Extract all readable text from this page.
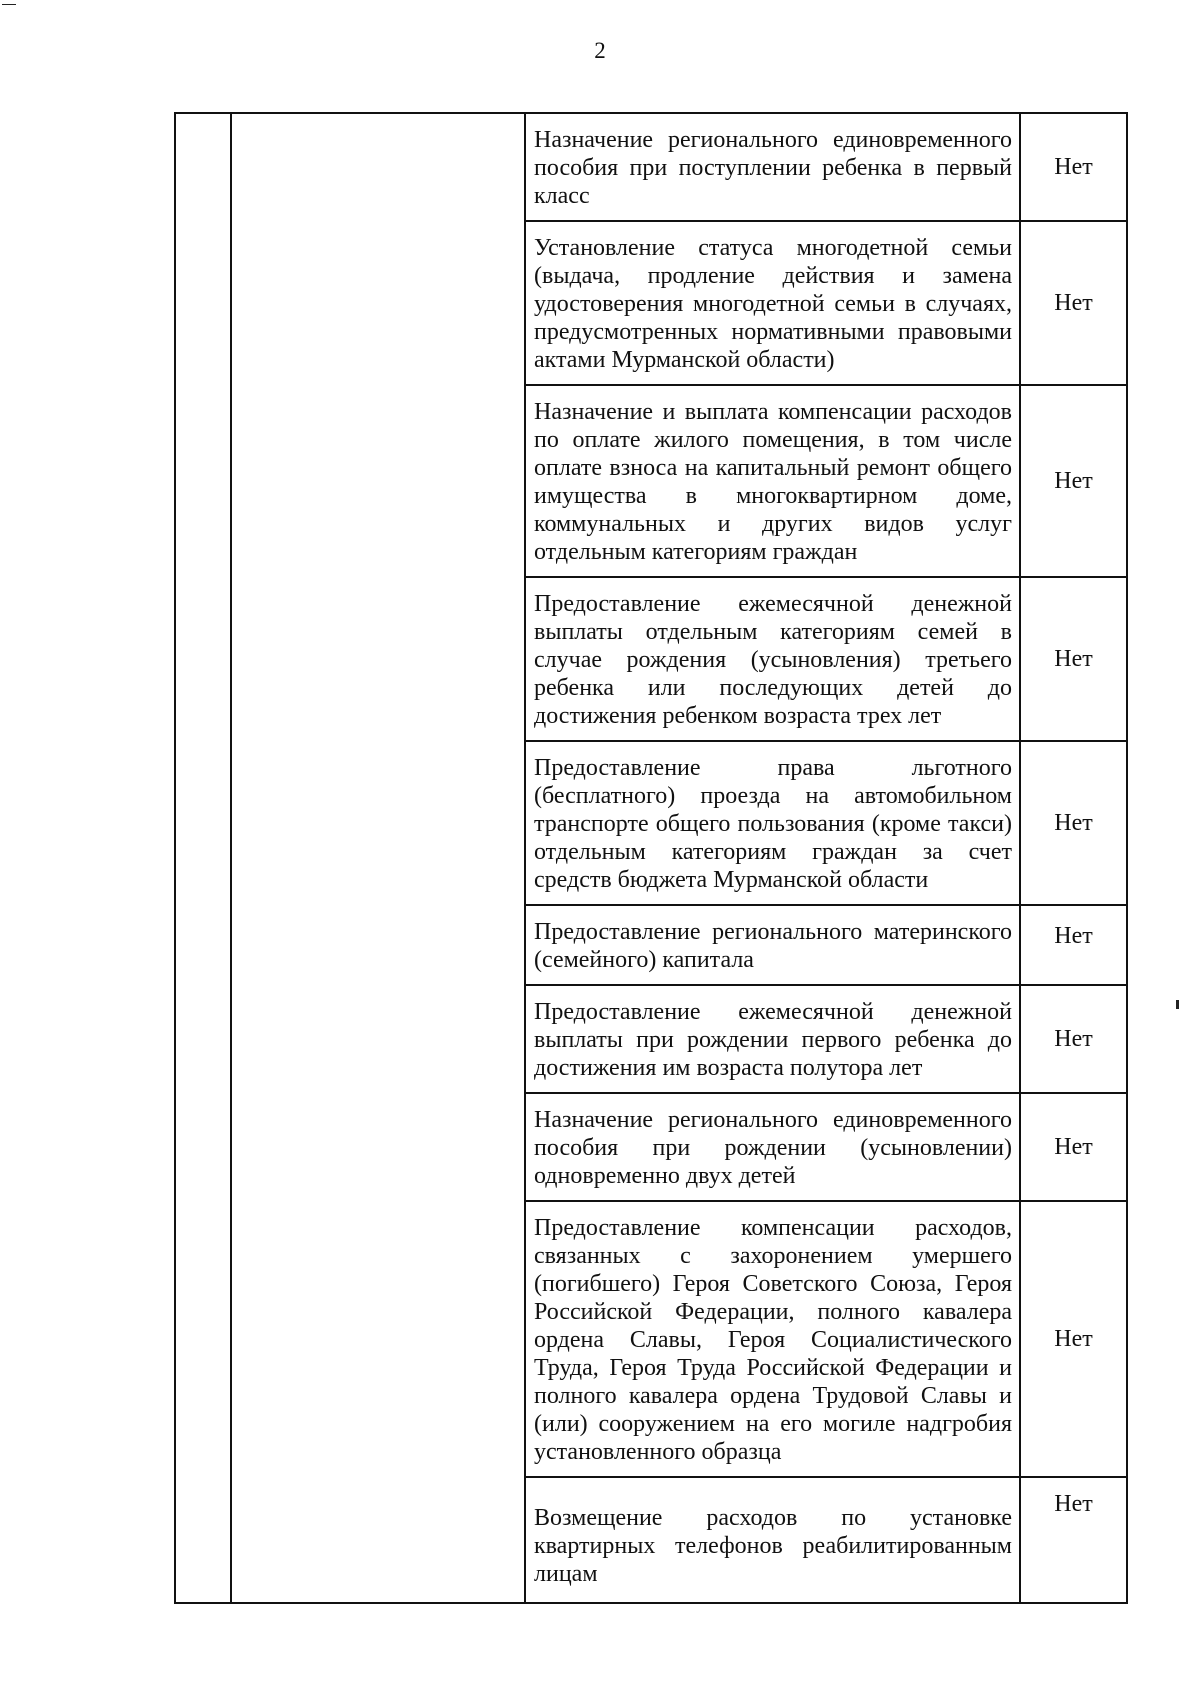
2
		Назначение регионального единовременного пособия при поступлении ребенка в первый класс	Нет
		Установление статуса многодетной семьи (выдача, продление действия и замена удостоверения многодетной семьи в случаях, предусмотренных нормативными правовыми актами Мурманской области)	Нет
		Назначение и выплата компенсации расходов по оплате жилого помещения, в том числе оплате взноса на капитальный ремонт общего имущества в многоквартирном доме, коммунальных и других видов услуг отдельным категориям граждан	Нет
		Предоставление ежемесячной денежной выплаты отдельным категориям семей в случае рождения (усыновления) третьего ребенка или последующих детей до достижения ребенком возраста трех лет	Нет
		Предоставление права льготного (бесплатного) проезда на автомобильном транспорте общего пользования (кроме такси) отдельным категориям граждан за счет средств бюджета Мурманской области	Нет
		Предоставление регионального материнского (семейного) капитала	Нет
		Предоставление ежемесячной денежной выплаты при рождении первого ребенка до достижения им возраста полутора лет	Нет
		Назначение регионального единовременного пособия при рождении (усыновлении) одновременно двух детей	Нет
		Предоставление компенсации расходов, связанных с захоронением умершего (погибшего) Героя Советского Союза, Героя Российской Федерации, полного кавалера ордена Славы, Героя Социалистического Труда, Героя Труда Российской Федерации и полного кавалера ордена Трудовой Славы и (или) сооружением на его могиле надгробия установленного образца	Нет
		Возмещение расходов по установке квартирных телефонов реабилитированным лицам	Нет
